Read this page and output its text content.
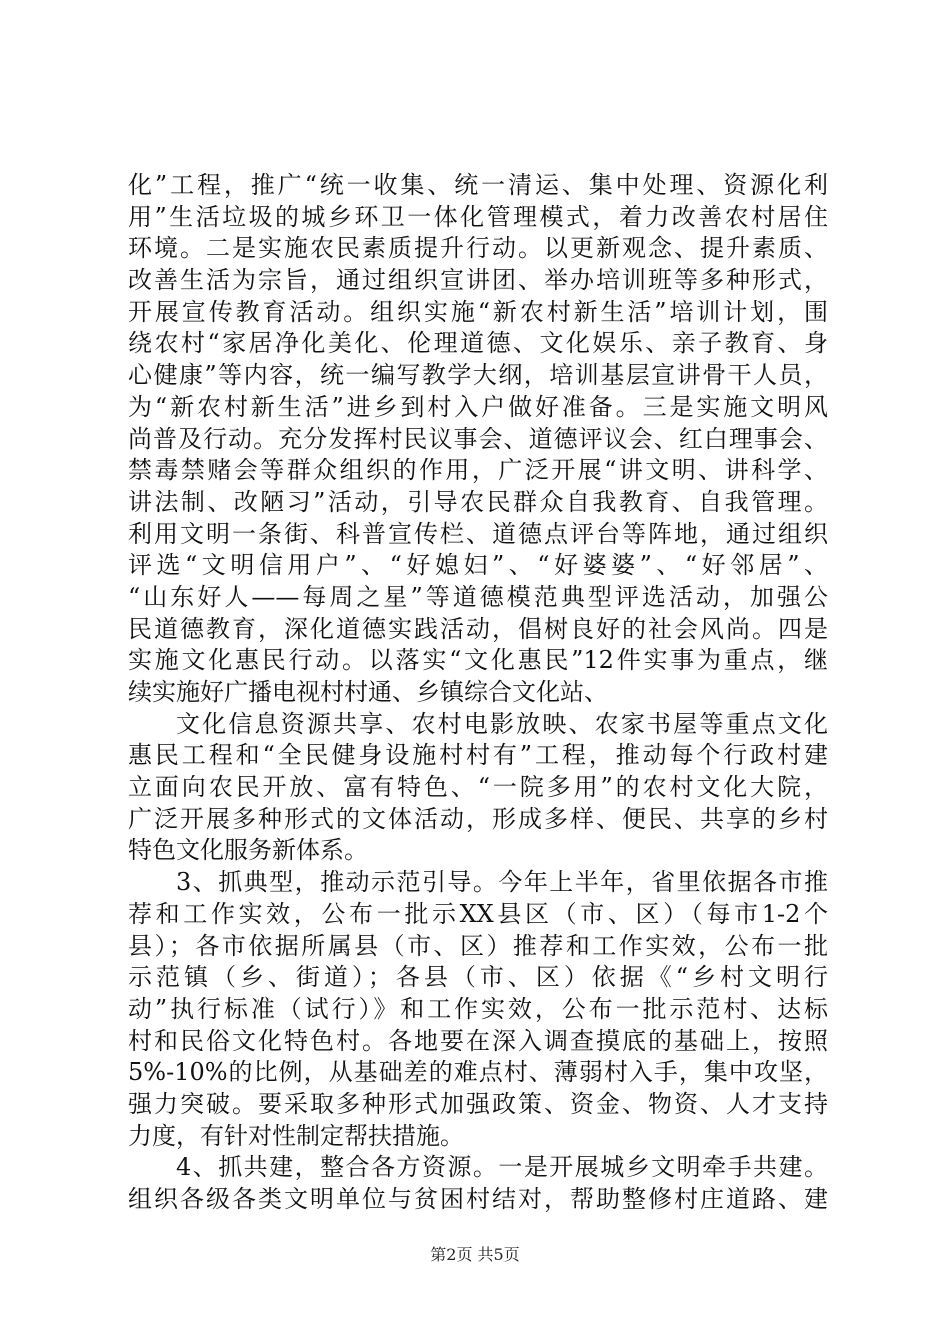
化”工程，推广“统一收集、统一清运、集中处理、资源化利
用”生活垃圾的城乡环卫一体化管理模式，着力改善农村居住
环境。二是实施农民素质提升行动。以更新观念、提升素质、
改善生活为宗旨，通过组织宣讲团、举办培训班等多种形式，
开展宣传教育活动。组织实施“新农村新生活”培训计划，围
绕农村“家居净化美化、伦理道德、文化娱乐、亲子教育、身
心健康”等内容，统一编写教学大纲，培训基层宣讲骨干人员，
为“新农村新生活”进乡到村入户做好准备。三是实施文明风
尚普及行动。充分发挥村民议事会、道德评议会、红白理事会、
禁毒禁赌会等群众组织的作用，广泛开展“讲文明、讲科学、
讲法制、改陋习”活动，引导农民群众自我教育、自我管理。
利用文明一条街、科普宣传栏、道德点评台等阵地，通过组织
评选“文明信用户”、“好媳妇”、“好婆婆”、“好邻居”、
“山东好人——每周之星”等道德模范典型评选活动，加强公
民道德教育，深化道德实践活动，倡树良好的社会风尚。四是
实施文化惠民行动。以落实“文化惠民”12件实事为重点，继
续实施好广播电视村村通、乡镇综合文化站、
文化信息资源共享、农村电影放映、农家书屋等重点文化
惠民工程和“全民健身设施村村有”工程，推动每个行政村建
立面向农民开放、富有特色、“一院多用”的农村文化大院，
广泛开展多种形式的文体活动，形成多样、便民、共享的乡村
特色文化服务新体系。
3、抓典型，推动示范引导。今年上半年，省里依据各市推
荐和工作实效，公布一批示XX县区（市、区）（每市1-2个
县）；各市依据所属县（市、区）推荐和工作实效，公布一批
示范镇（乡、街道）；各县（市、区）依据《“乡村文明行
动”执行标准（试行）》和工作实效，公布一批示范村、达标
村和民俗文化特色村。各地要在深入调查摸底的基础上，按照
5%-10%的比例，从基础差的难点村、薄弱村入手，集中攻坚，
强力突破。要采取多种形式加强政策、资金、物资、人才支持
力度，有针对性制定帮扶措施。
4、抓共建，整合各方资源。一是开展城乡文明牵手共建。
组织各级各类文明单位与贫困村结对，帮助整修村庄道路、建
第2页 共5页
